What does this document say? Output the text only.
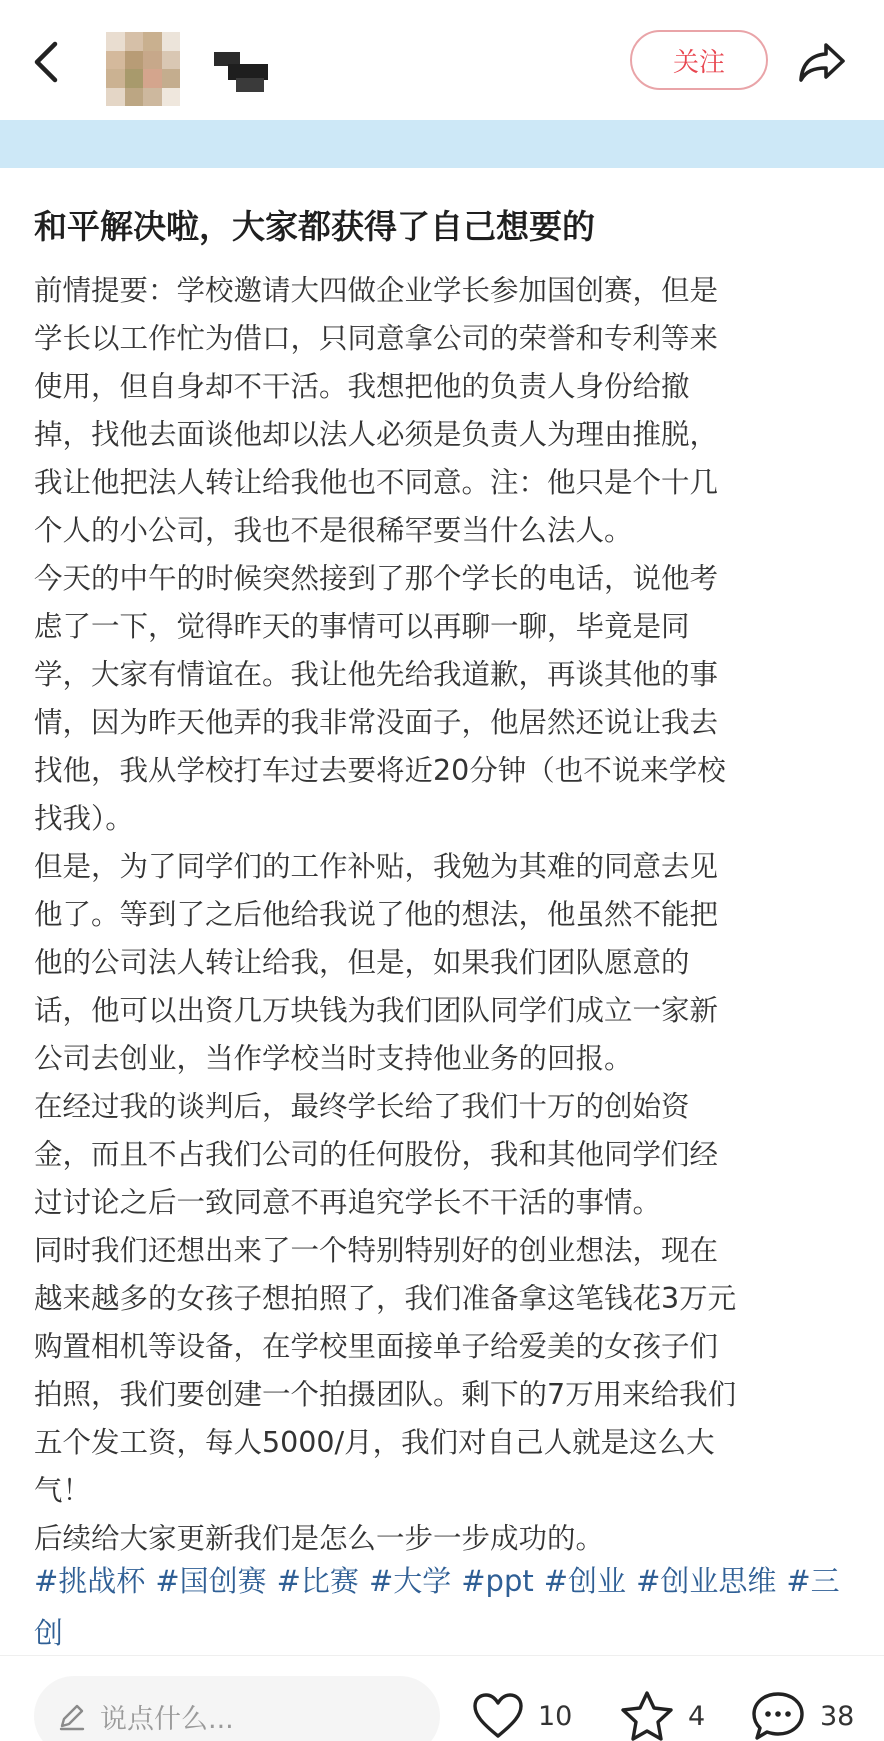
关注
和平解决啦，大家都获得了自己想要的
前情提要：学校邀请大四做企业学长参加国创赛，但是
学长以工作忙为借口，只同意拿公司的荣誉和专利等来
使用，但自身却不干活。我想把他的负责人身份给撤
掉，找他去面谈他却以法人必须是负责人为理由推脱，
我让他把法人转让给我他也不同意。注：他只是个十几
个人的小公司，我也不是很稀罕要当什么法人。
今天的中午的时候突然接到了那个学长的电话，说他考
虑了一下，觉得昨天的事情可以再聊一聊，毕竟是同
学，大家有情谊在。我让他先给我道歉，再谈其他的事
情，因为昨天他弄的我非常没面子，他居然还说让我去
找他，我从学校打车过去要将近20分钟（也不说来学校
找我）。
但是，为了同学们的工作补贴，我勉为其难的同意去见
他了。等到了之后他给我说了他的想法，他虽然不能把
他的公司法人转让给我，但是，如果我们团队愿意的
话，他可以出资几万块钱为我们团队同学们成立一家新
公司去创业，当作学校当时支持他业务的回报。
在经过我的谈判后，最终学长给了我们十万的创始资
金，而且不占我们公司的任何股份，我和其他同学们经
过讨论之后一致同意不再追究学长不干活的事情。
同时我们还想出来了一个特别特别好的创业想法，现在
越来越多的女孩子想拍照了，我们准备拿这笔钱花3万元
购置相机等设备，在学校里面接单子给爱美的女孩子们
拍照，我们要创建一个拍摄团队。剩下的7万用来给我们
五个发工资，每人5000/月，我们对自己人就是这么大
气！
后续给大家更新我们是怎么一步一步成功的。
#挑战杯 #国创赛 #比赛 #大学 #ppt #创业 #创业思维 #三
创
说点什么...	10	4	38
